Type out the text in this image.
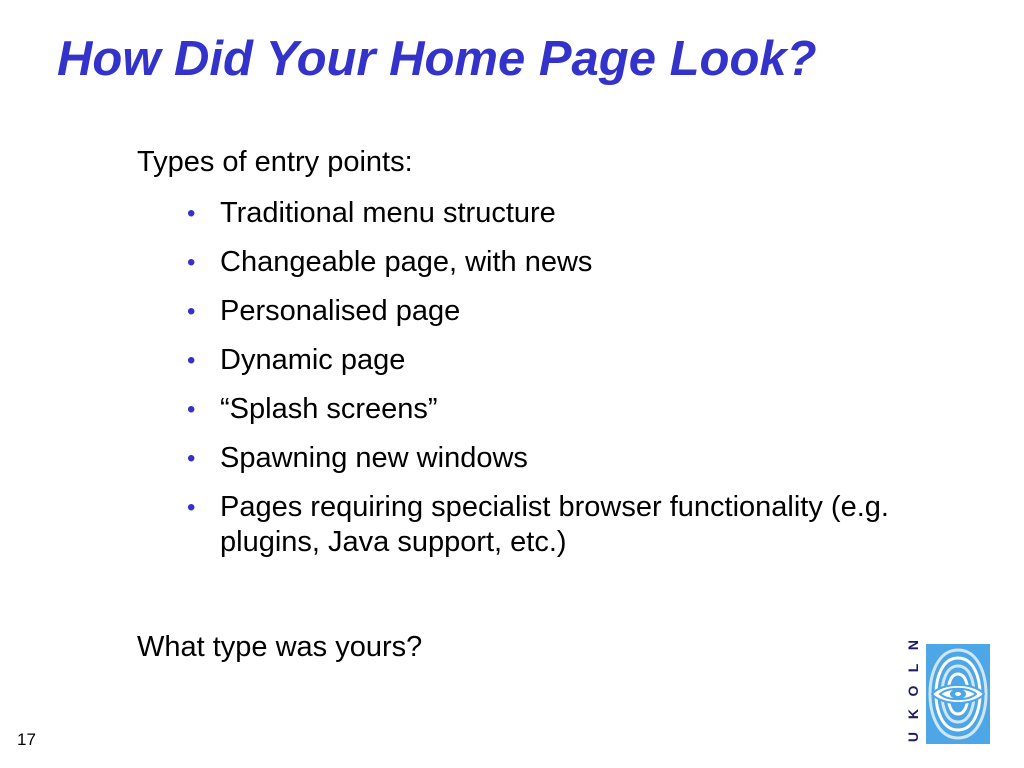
How Did Your Home Page Look?
Types of entry points:
• Traditional menu structure
• Changeable page, with news
• Personalised page
• Dynamic page
• “Splash screens”
• Spawning new windows
• Pages requiring specialist browser functionality (e.g. plugins, Java support, etc.)
What type was yours?
17
N
L
O
K
U
